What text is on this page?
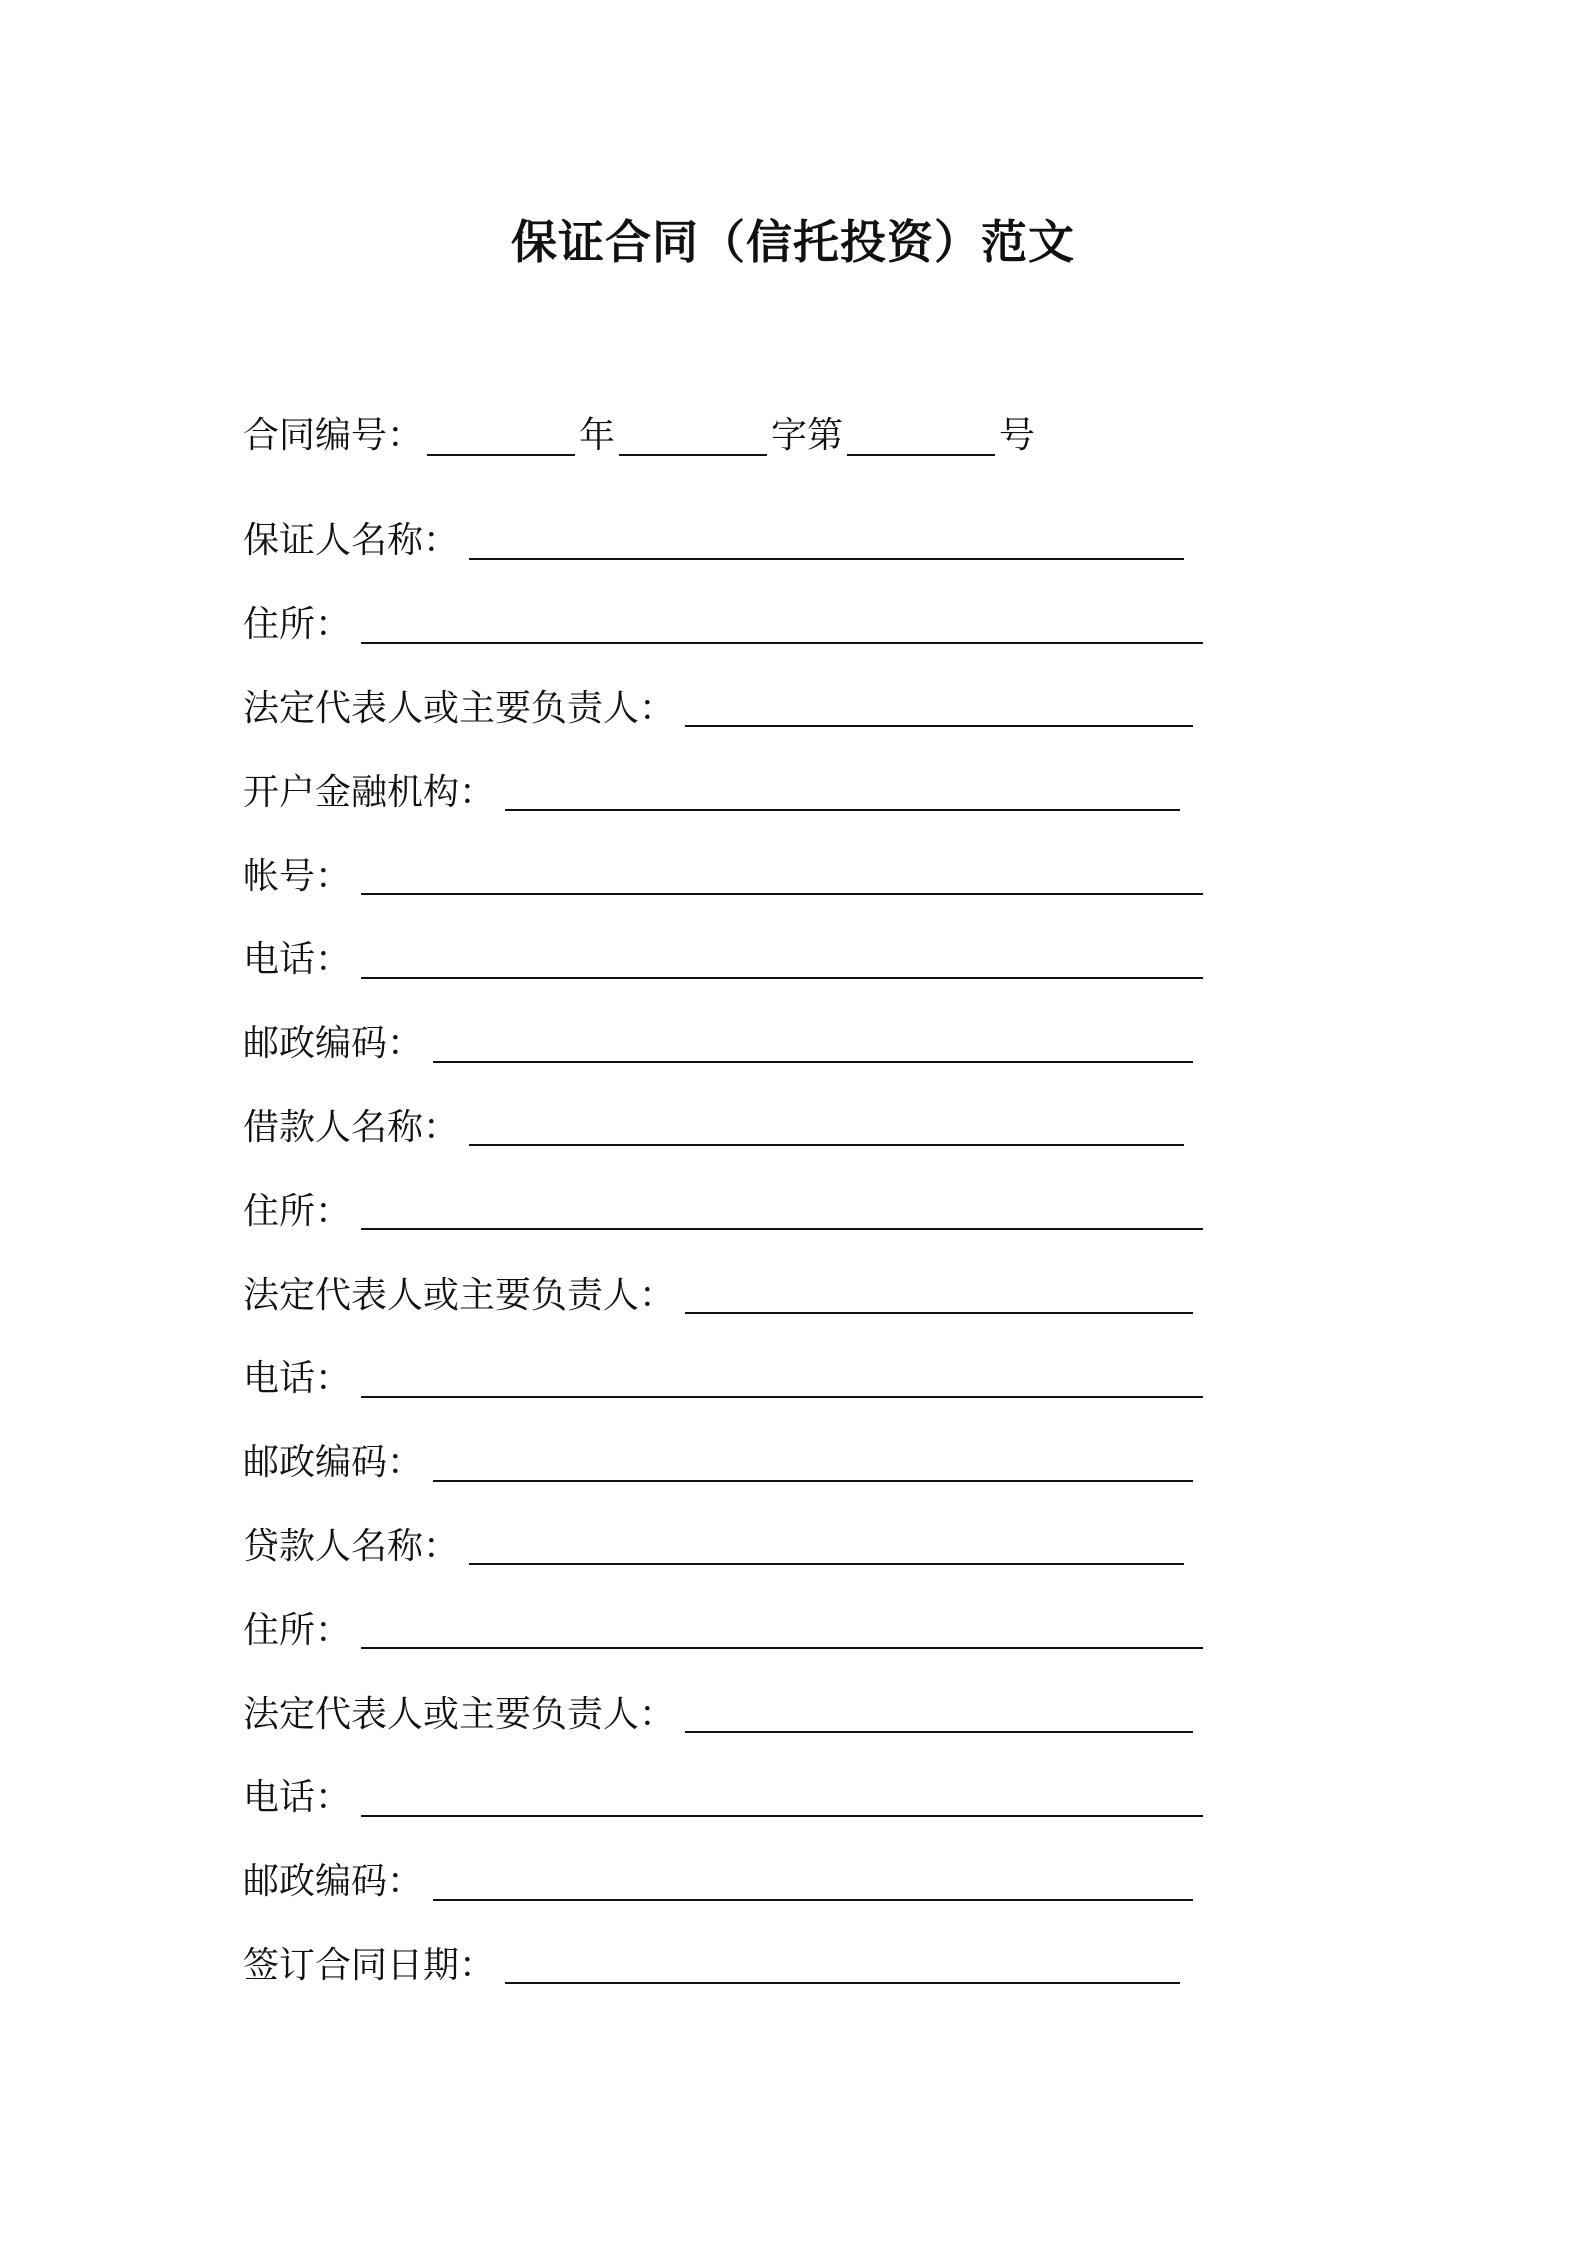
保证合同（信托投资）范文
合同编号：	年	字第	号
保证人名称：
住所：
法定代表人或主要负责人：
开户金融机构：
帐号：
电话：
邮政编码：
借款人名称：
住所：
法定代表人或主要负责人：
电话：
邮政编码：
贷款人名称：
住所：
法定代表人或主要负责人：
电话：
邮政编码：
签订合同日期：
